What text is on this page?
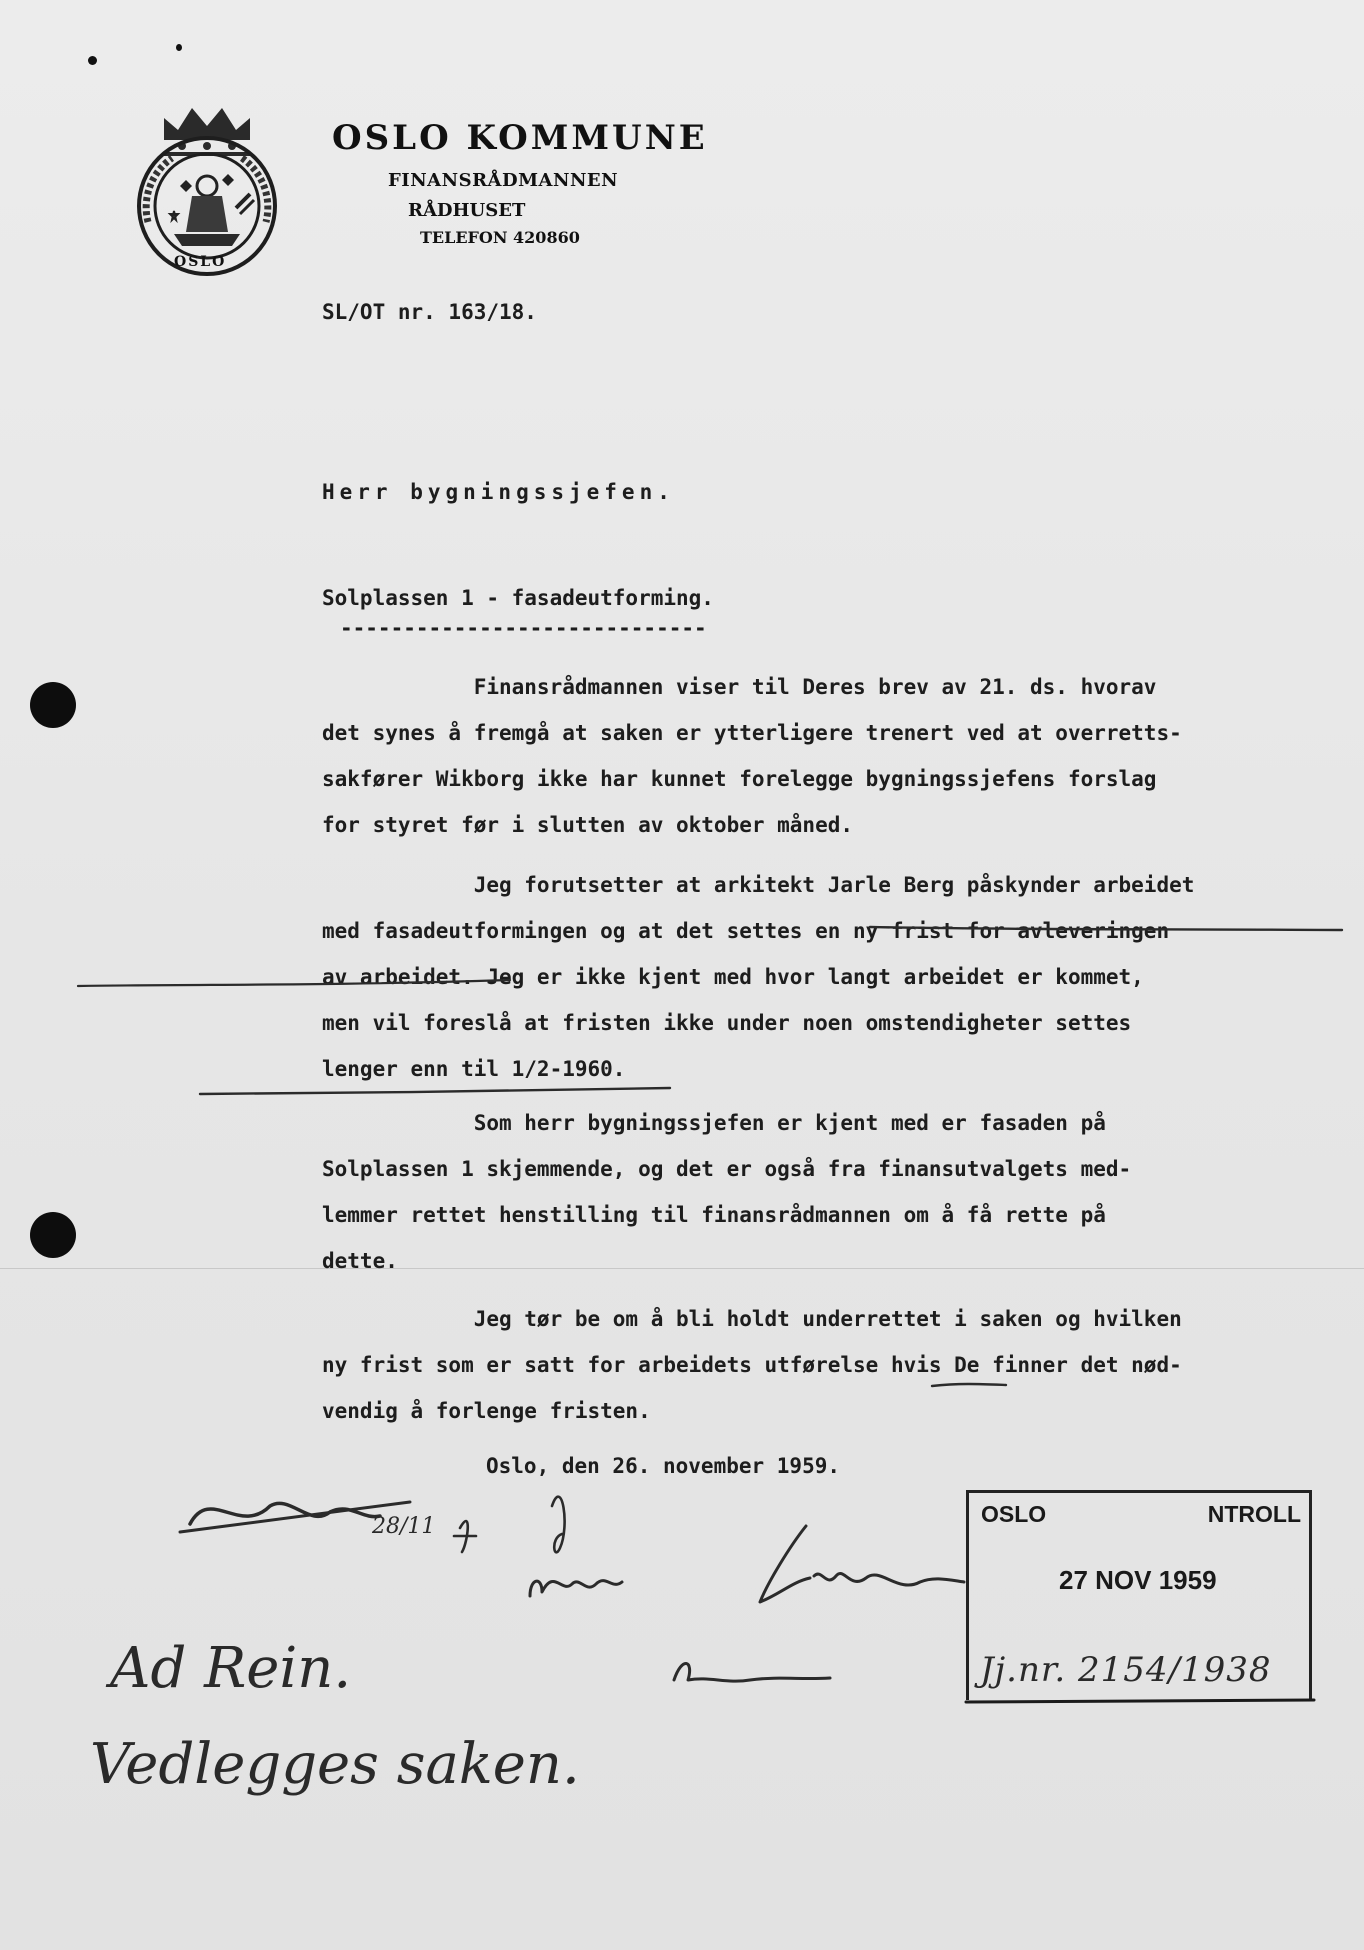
OSLO
OSLO KOMMUNE
FINANSRÅDMANNEN
RÅDHUSET
TELEFON 420860
SL/OT nr. 163/18.
Herr bygningssjefen.
Solplassen 1 - fasadeutforming.
-----------------------------
Finansrådmannen viser til Deres brev av 21. ds. hvorav
det synes å fremgå at saken er ytterligere trenert ved at overretts-
sakfører Wikborg ikke har kunnet forelegge bygningssjefens forslag
for styret før i slutten av oktober måned.
Jeg forutsetter at arkitekt Jarle Berg påskynder arbeidet
med fasadeutformingen og at det settes en ny frist for avleveringen
av arbeidet. Jeg er ikke kjent med hvor langt arbeidet er kommet,
men vil foreslå at fristen ikke under noen omstendigheter settes
lenger enn til 1/2-1960.
Som herr bygningssjefen er kjent med er fasaden på
Solplassen 1 skjemmende, og det er også fra finansutvalgets med-
lemmer rettet henstilling til finansrådmannen om å få rette på
dette.
Jeg tør be om å bli holdt underrettet i saken og hvilken
ny frist som er satt for arbeidets utførelse hvis De finner det nød-
vendig å forlenge fristen.
Oslo, den 26. november 1959.
28/11	OSLO	NTROLL
27 NOV 1959
Jj.nr. 2154/1938
Ad Rein.
Vedlegges saken.
